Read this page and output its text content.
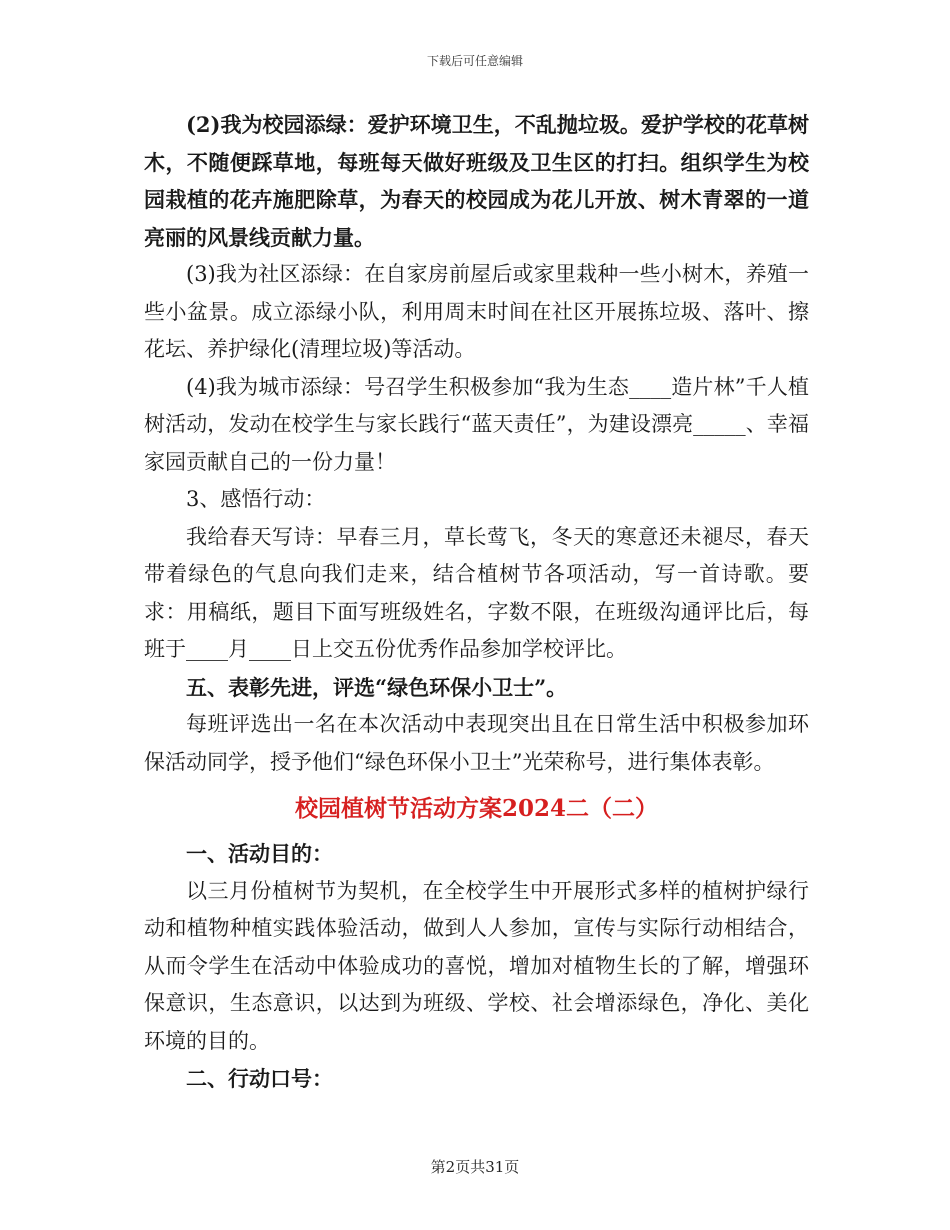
下载后可任意编辑

(2)我为校园添绿：爱护环境卫生，不乱抛垃圾。爱护学校的花草树木，不随便踩草地，每班每天做好班级及卫生区的打扫。组织学生为校园栽植的花卉施肥除草，为春天的校园成为花儿开放、树木青翠的一道亮丽的风景线贡献力量。

(3)我为社区添绿：在自家房前屋后或家里栽种一些小树木，养殖一些小盆景。成立添绿小队，利用周末时间在社区开展拣垃圾、落叶、擦花坛、养护绿化(清理垃圾)等活动。

(4)我为城市添绿：号召学生积极参加“我为生态____造片林”千人植树活动，发动在校学生与家长践行“蓝天责任”，为建设漂亮_____、幸福家园贡献自己的一份力量！

3、感悟行动：

我给春天写诗：早春三月，草长莺飞，冬天的寒意还未褪尽，春天带着绿色的气息向我们走来，结合植树节各项活动，写一首诗歌。要求：用稿纸，题目下面写班级姓名，字数不限，在班级沟通评比后，每班于____月____日上交五份优秀作品参加学校评比。

五、表彰先进，评选“绿色环保小卫士”。

每班评选出一名在本次活动中表现突出且在日常生活中积极参加环保活动同学，授予他们“绿色环保小卫士”光荣称号，进行集体表彰。

校园植树节活动方案2024二（二）

一、活动目的：

以三月份植树节为契机，在全校学生中开展形式多样的植树护绿行动和植物种植实践体验活动，做到人人参加，宣传与实际行动相结合，从而令学生在活动中体验成功的喜悦，增加对植物生长的了解，增强环保意识，生态意识，以达到为班级、学校、社会增添绿色，净化、美化环境的目的。

二、行动口号：

第2页共31页
